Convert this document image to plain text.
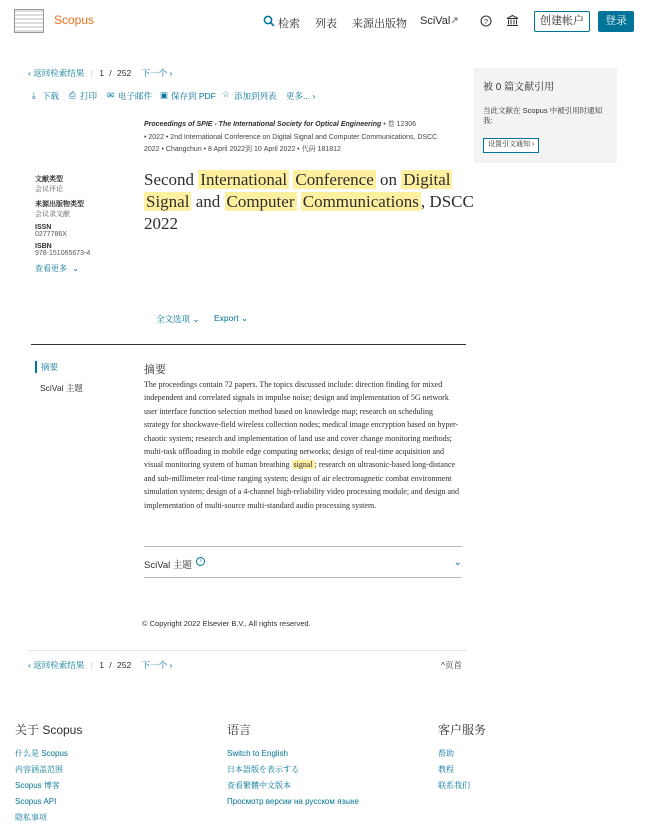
Scopus	检索 列表 来源出版物 SciVal	?	创建帐户	登录
‹ 返回检索结果 | 1 / 252 下一个 ›
⤓ 下载 ⎙ 打印 ✉ 电子邮件 ▣ 保存到 PDF ☆ 添加到列表 更多... ›
Proceedings of SPIE - The International Society for Optical Engineering • 卷 12306
• 2022 • 2nd International Conference on Digital Signal and Computer Communications, DSCC
2022 • Changchun • 8 April 2022到 10 April 2022 • 代码 181812
文献类型
会议评论
来源出版物类型
会议录文献
ISSN
0277786X
ISBN
978-151065673-4
查看更多 ⌄
Second International Conference on Digital Signal and Computer Communications , DSCC 2022
全文选项 ⌄ Export ⌄
摘要
SciVal 主题
摘要
The proceedings contain 72 papers. The topics discussed include: direction finding for mixed independent and correlated signals in impulse noise; design and implementation of 5G network user interface function selection method based on knowledge map; research on scheduling strategy for shockwave-field wireless collection nodes; medical image encryption based on hyper-chaotic system; research and implementation of land use and cover change monitoring methods; multi-task offloading in mobile edge computing networks; design of real-time acquisition and visual monitoring system of human breathing signal ; research on ultrasonic-based long-distance and sub-millimeter real-time ranging system; design of air electromagnetic combat environment simulation system; design of a 4-channel high-reliability video processing module; and design and implementation of multi-source multi-standard audio processing system.
SciVal 主题 i	⌄
© Copyright 2022 Elsevier B.V., All rights reserved.
‹ 返回检索结果 | 1 / 252 下一个 ›	^页首
被 0 篇文献引用
当此文献在 Scopus 中被引用时通知我:
设置引文通知 ›
关于 Scopus
什么是 Scopus
内容涵盖范围
Scopus 博客
Scopus API
隐私事项
语言
Switch to English
日本語版を表示する
查看繁體中文版本
Просмотр версии на русском языке
客户服务
帮助
教程
联系我们
